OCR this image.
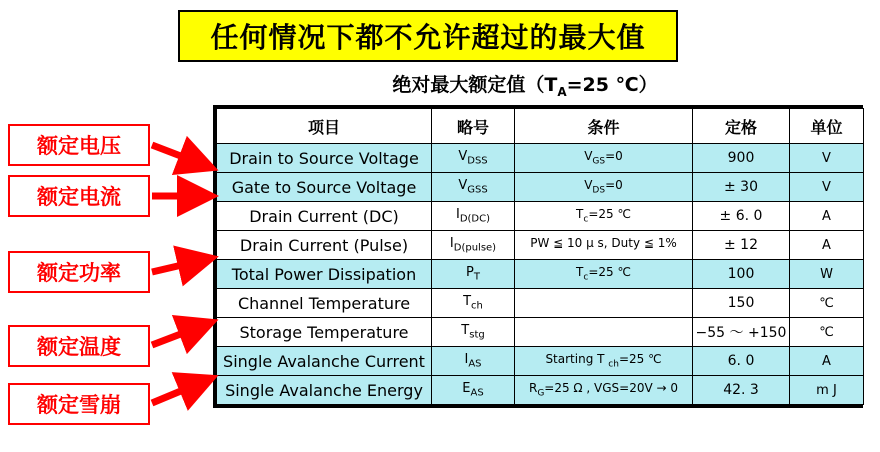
任何情况下都不允许超过的最大值
绝对最大额定值（$T_A=25$ ℃）
项目	略号	条件	定格	单位
Drain to Source Voltage	$V_{DSS}$	$V_{GS}=0$	900	V
Gate to Source Voltage	$V_{GSS}$	$V_{DS}=0$	± 30	V
Drain Current (DC)	$I_{D(DC)}$	$T_c=25$ ℃	± 6. 0	A
Drain Current (Pulse)	$I_{D(pulse)}$	PW ≦ 10 μ s, Duty ≦ 1%	± 12	A
Total Power Dissipation	$P_T$	$T_c=25$ ℃	100	W
Channel Temperature	$T_{ch}$		150	℃
Storage Temperature	$T_{stg}$		−55 ～ +150	℃
Single Avalanche Current	$I_{AS}$	Starting T $_{ch}$=25 ℃	6. 0	A
Single Avalanche Energy	$E_{AS}$	$R_G=25$ Ω , VGS=20V → 0	42. 3	m J
额定电压
额定电流
额定功率
额定温度
额定雪崩
